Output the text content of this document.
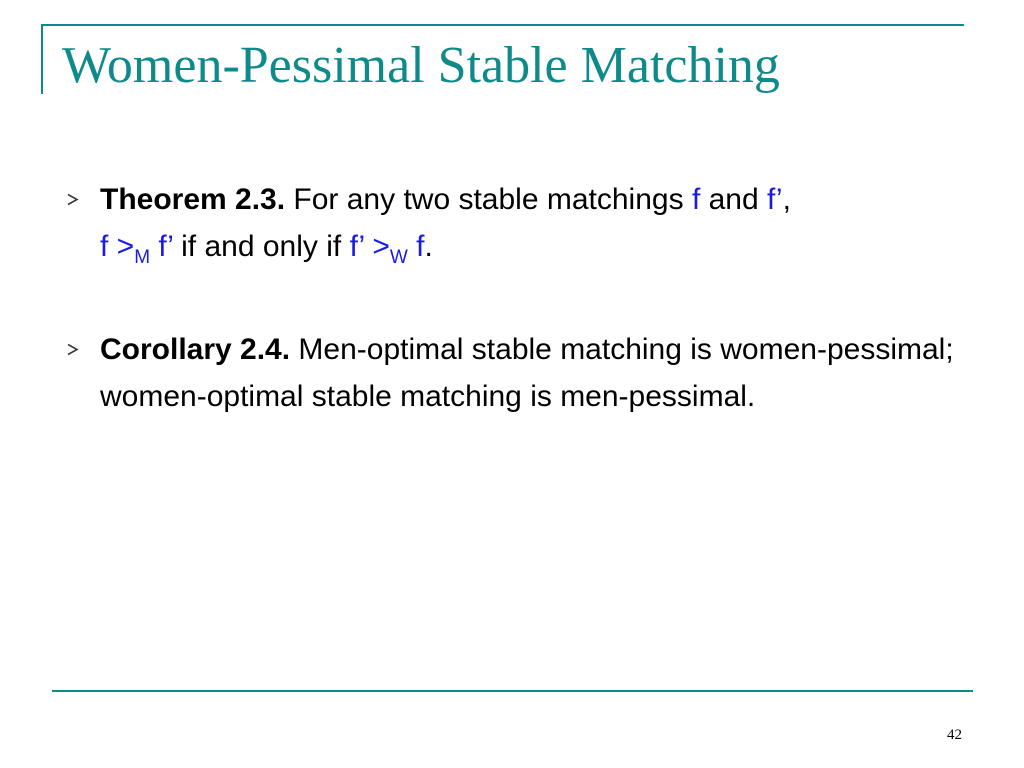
Women-Pessimal Stable Matching
Theorem 2.3. For any two stable matchings f and f’,
$f >_M$ f’ if and only if f’ $>_W$ f.
Corollary 2.4. Men-optimal stable matching is women-pessimal; women-optimal stable matching is men-pessimal.
42
